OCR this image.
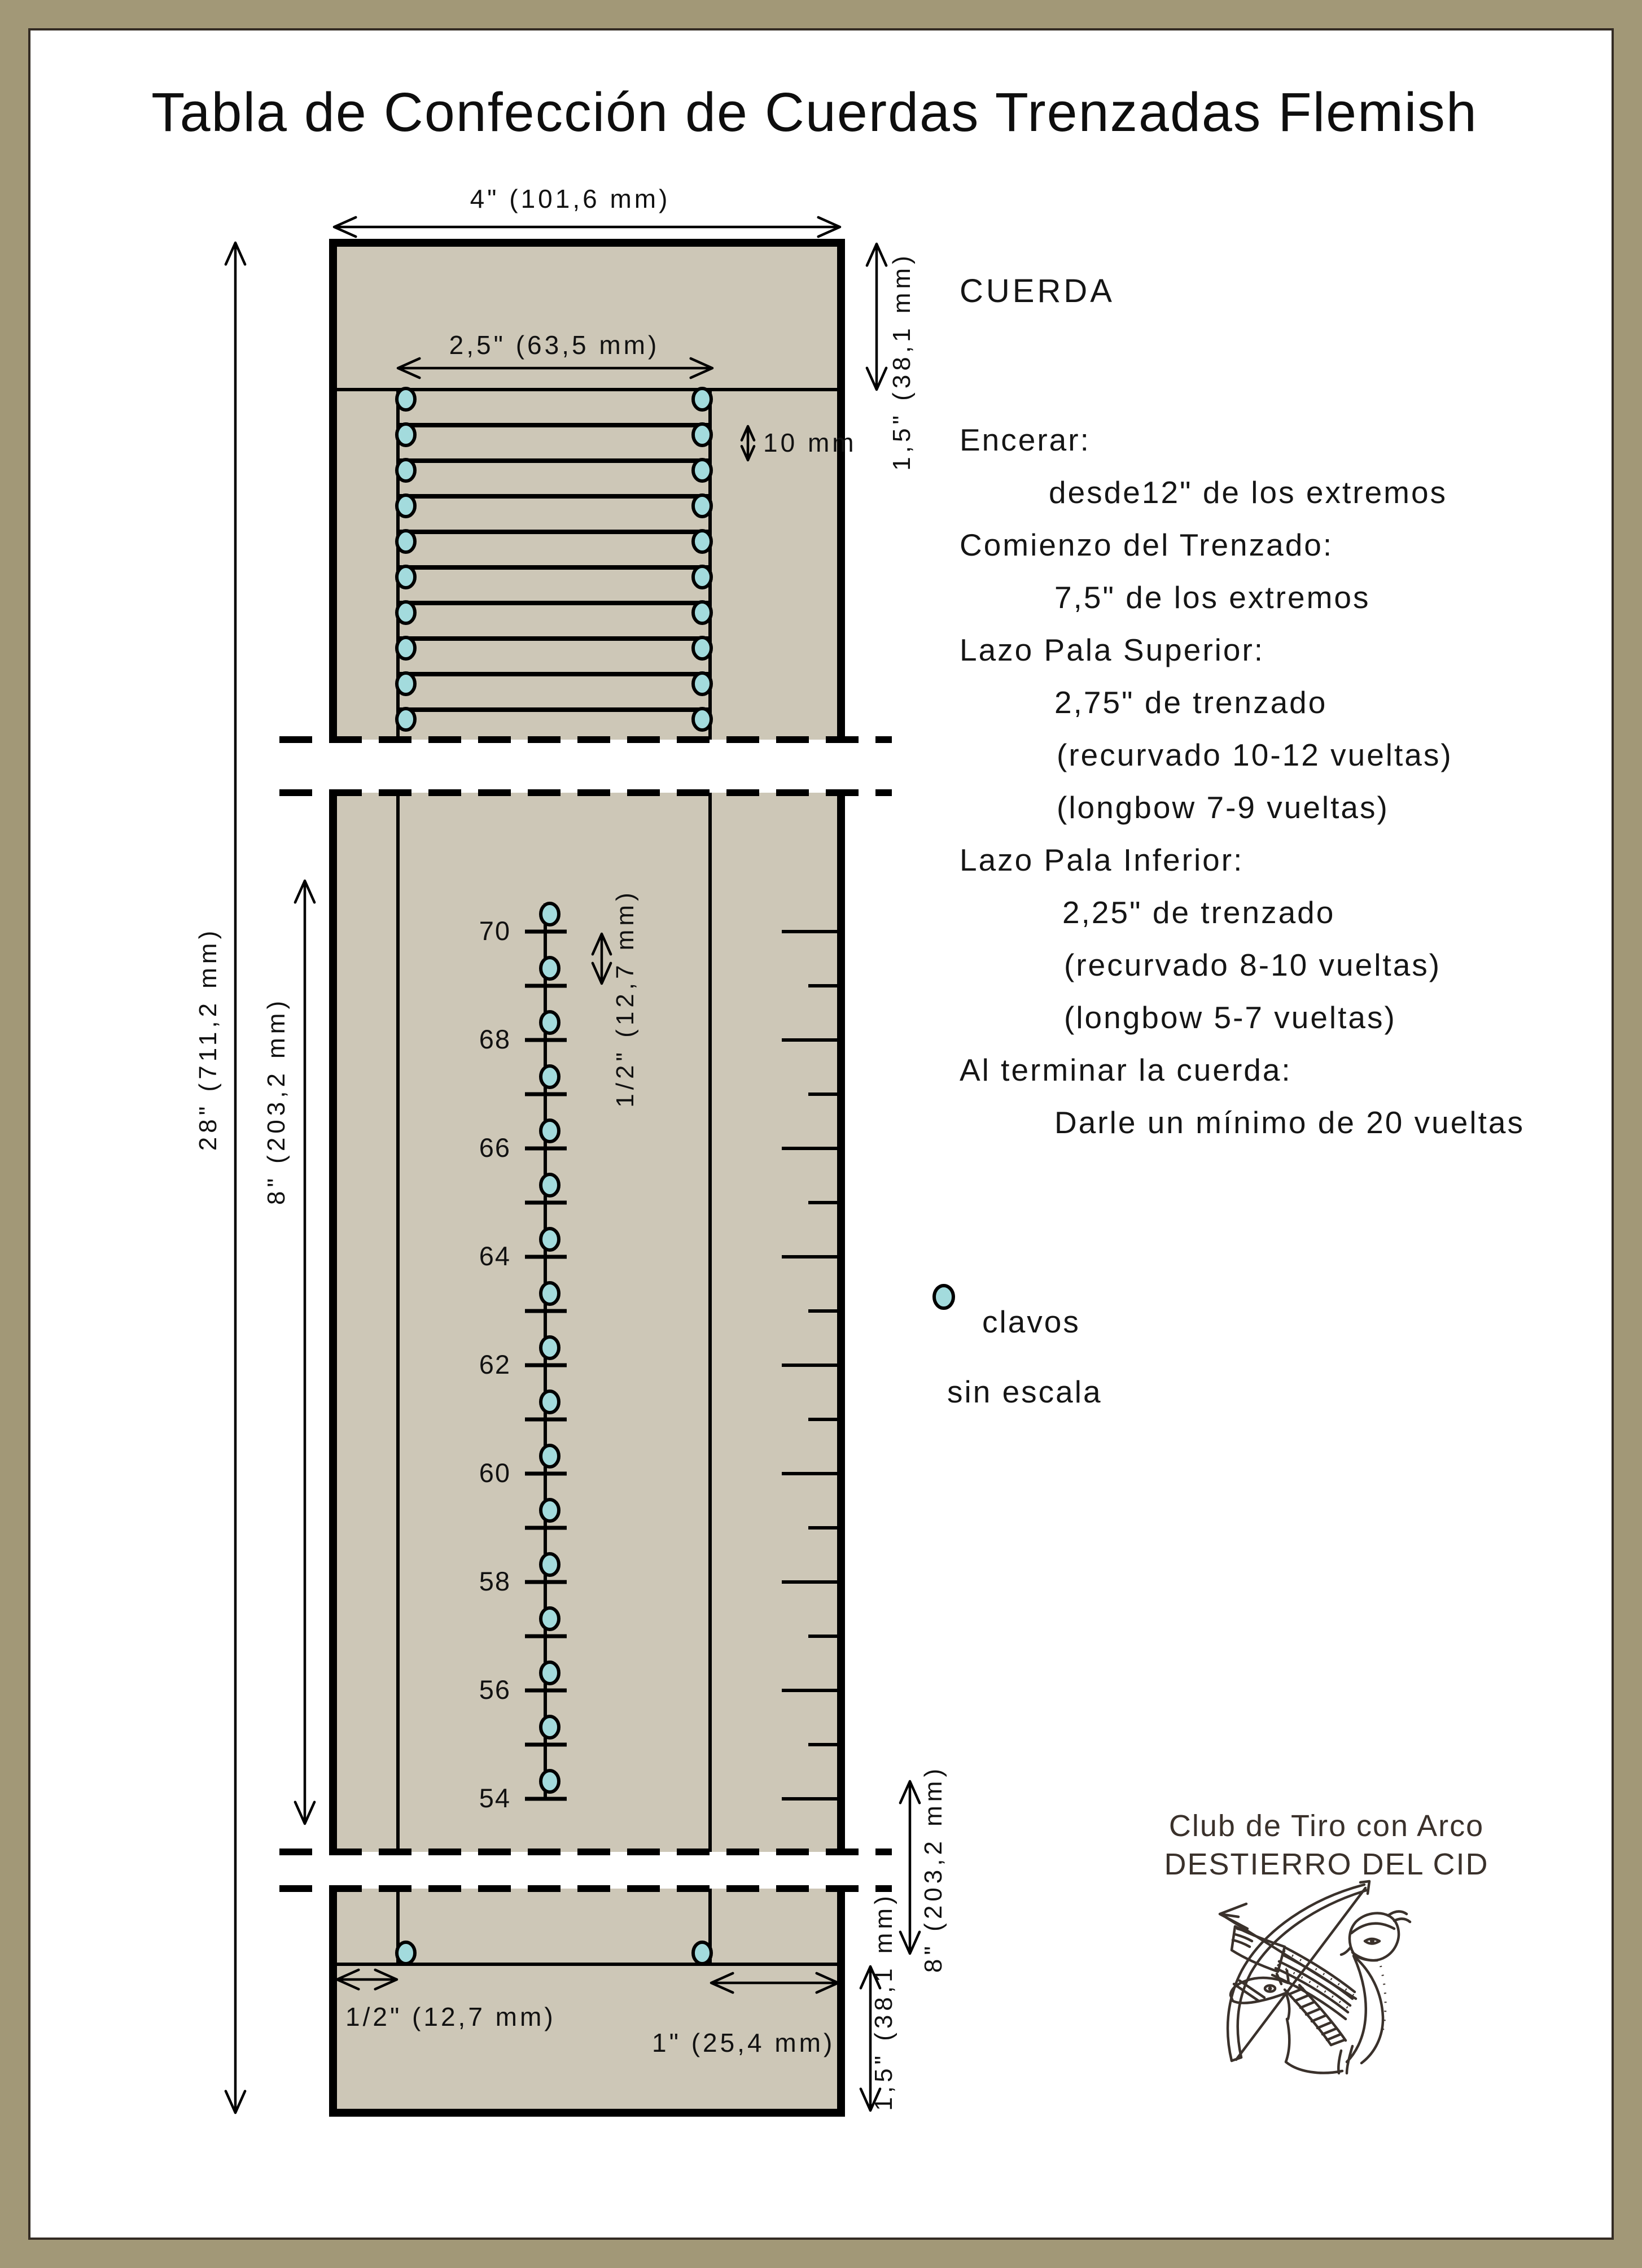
Tabla de Confección de Cuerdas Trenzadas Flemish
70
68
66
64
62
60
58
56
54
4" (101,6 mm)
2,5" (63,5 mm)
10 mm 1,5" (38,1 mm)
28" (711,2 mm) 8" (203,2 mm)	1/2" (12,7 mm)
8" (203,2 mm)
1,5" (38,1 mm)
1/2" (12,7 mm)
1" (25,4 mm)
CUERDA
Encerar:
desde12" de los extremos
Comienzo del Trenzado:
7,5" de los extremos
Lazo Pala Superior:
2,75" de trenzado
(recurvado 10-12 vueltas)
(longbow 7-9 vueltas)
Lazo Pala Inferior:
2,25" de trenzado
(recurvado 8-10 vueltas)
(longbow 5-7 vueltas)
Al terminar la cuerda:
Darle un mínimo de 20 vueltas
clavos
sin escala
Club de Tiro con Arco
DESTIERRO DEL CID
